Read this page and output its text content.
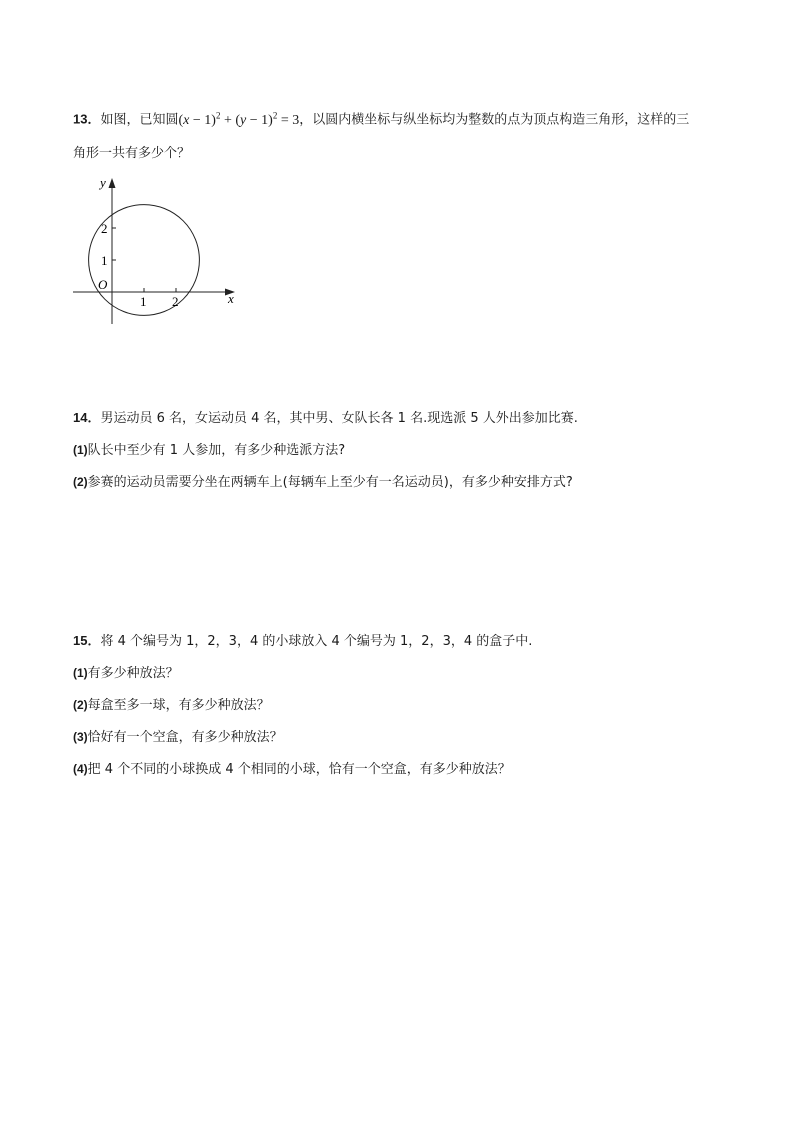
13．如图，已知圆$(x - 1)^2 + (y - 1)^2 = 3$，以圆内横坐标与纵坐标均为整数的点为顶点构造三角形，这样的三
角形一共有多少个？
y
x
O
1 2
1
2
14．男运动员 6 名，女运动员 4 名，其中男、女队长各 1 名.现选派 5 人外出参加比赛.
(1)队长中至少有 1 人参加，有多少种选派方法?
(2)参赛的运动员需要分坐在两辆车上(每辆车上至少有一名运动员)，有多少种安排方式?
15．将 4 个编号为 1，2，3，4 的小球放入 4 个编号为 1，2，3，4 的盒子中.
(1)有多少种放法？
(2)每盒至多一球，有多少种放法？
(3)恰好有一个空盒，有多少种放法？
(4)把 4 个不同的小球换成 4 个相同的小球，恰有一个空盒，有多少种放法？
